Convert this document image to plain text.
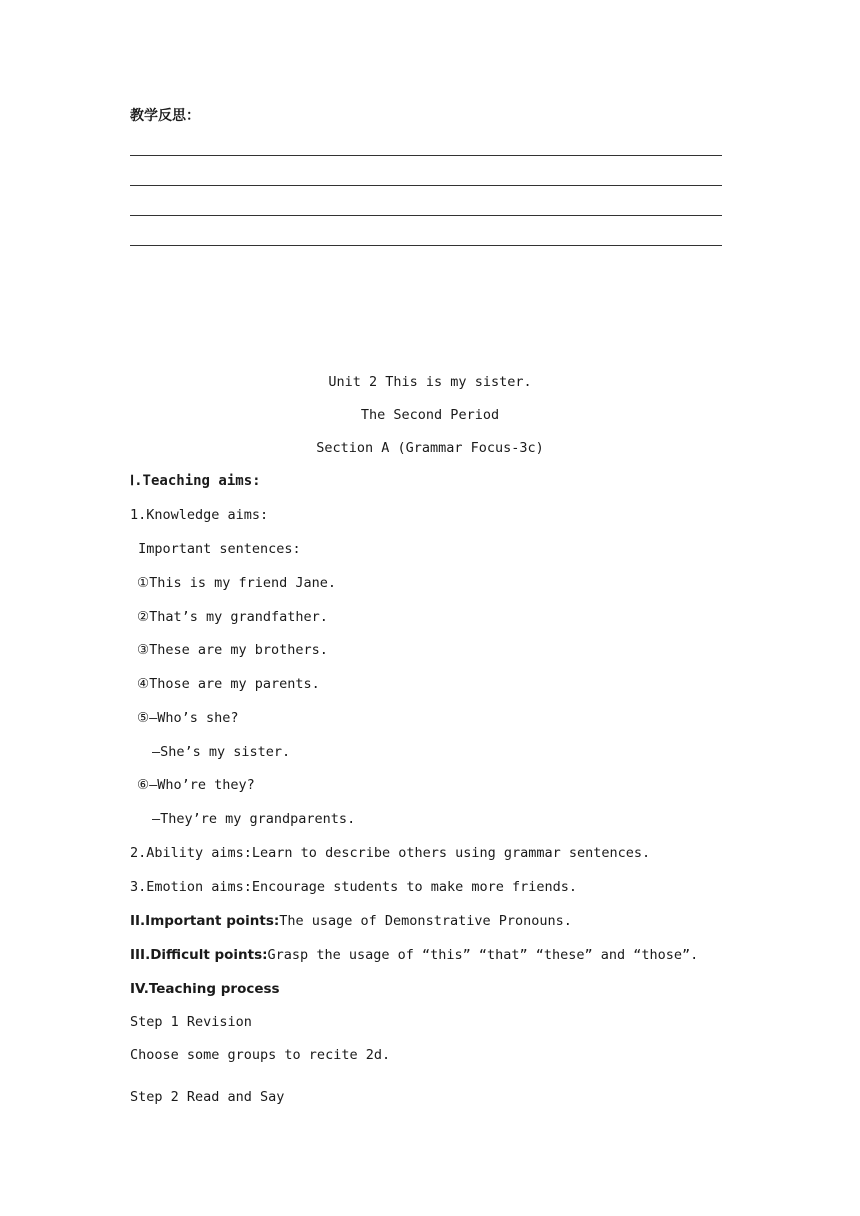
教学反思：
Unit 2 This is my sister.
The Second Period
Section A (Grammar Focus-3c)
Ⅰ.Teaching aims:
1.Knowledge aims:
Important sentences:
①This is my friend Jane.
②That’s my grandfather.
③These are my brothers.
④Those are my parents.
⑤—Who’s she?
—She’s my sister.
⑥—Who’re they?
—They’re my grandparents.
2.Ability aims:Learn to describe others using grammar sentences.
3.Emotion aims:Encourage students to make more friends.
II.Important points:The usage of Demonstrative Pronouns.
III.Difficult points:Grasp the usage of “this” “that” “these” and “those”.
IV.Teaching process
Step 1 Revision
Choose some groups to recite 2d.
Step 2 Read and Say
